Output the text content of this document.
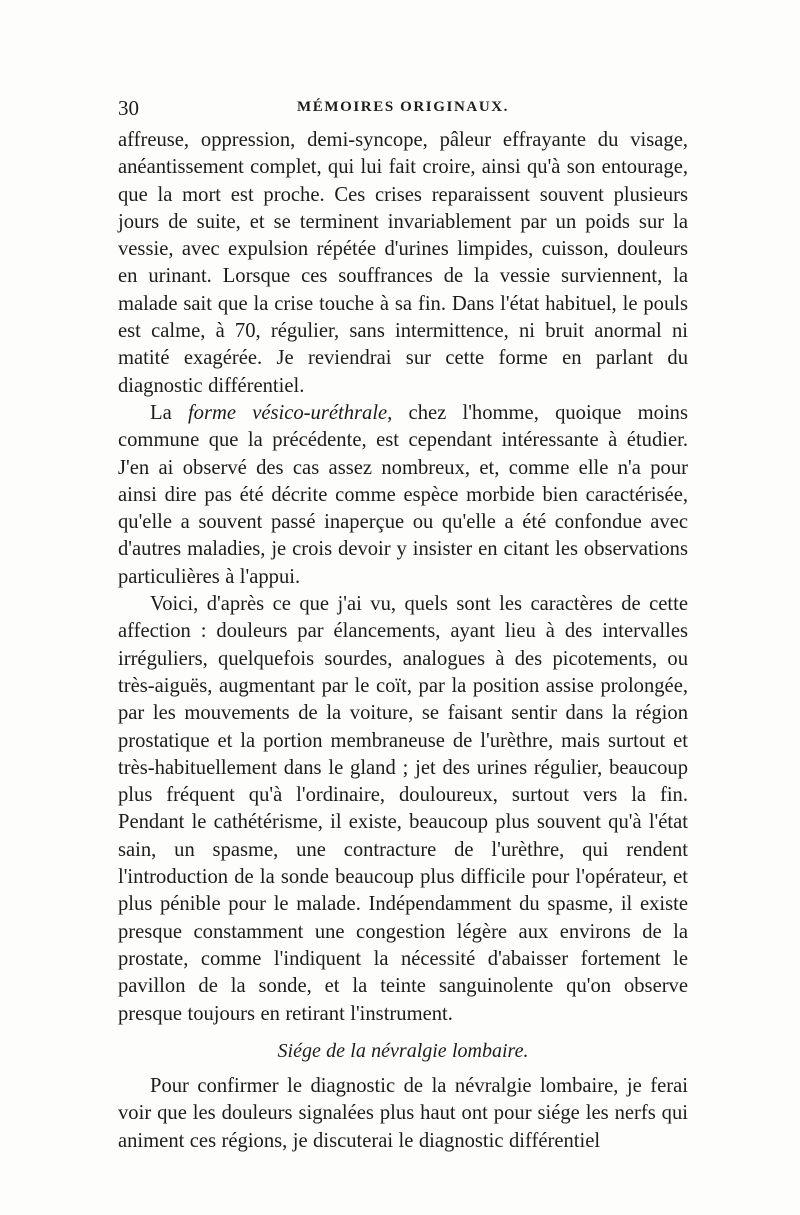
30	MÉMOIRES ORIGINAUX.

affreuse, oppression, demi-syncope, pâleur effrayante du visage, anéantissement complet, qui lui fait croire, ainsi qu'à son entourage, que la mort est proche. Ces crises reparaissent souvent plusieurs jours de suite, et se terminent invariablement par un poids sur la vessie, avec expulsion répétée d'urines limpides, cuisson, douleurs en urinant. Lorsque ces souffrances de la vessie surviennent, la malade sait que la crise touche à sa fin. Dans l'état habituel, le pouls est calme, à 70, régulier, sans intermittence, ni bruit anormal ni matité exagérée. Je reviendrai sur cette forme en parlant du diagnostic différentiel.

La forme vésico-uréthrale, chez l'homme, quoique moins commune que la précédente, est cependant intéressante à étudier. J'en ai observé des cas assez nombreux, et, comme elle n'a pour ainsi dire pas été décrite comme espèce morbide bien caractérisée, qu'elle a souvent passé inaperçue ou qu'elle a été confondue avec d'autres maladies, je crois devoir y insister en citant les observations particulières à l'appui.

Voici, d'après ce que j'ai vu, quels sont les caractères de cette affection : douleurs par élancements, ayant lieu à des intervalles irréguliers, quelquefois sourdes, analogues à des picotements, ou très-aiguës, augmentant par le coït, par la position assise prolongée, par les mouvements de la voiture, se faisant sentir dans la région prostatique et la portion membraneuse de l'urèthre, mais surtout et très-habituellement dans le gland ; jet des urines régulier, beaucoup plus fréquent qu'à l'ordinaire, douloureux, surtout vers la fin. Pendant le cathétérisme, il existe, beaucoup plus souvent qu'à l'état sain, un spasme, une contracture de l'urèthre, qui rendent l'introduction de la sonde beaucoup plus difficile pour l'opérateur, et plus pénible pour le malade. Indépendamment du spasme, il existe presque constamment une congestion légère aux environs de la prostate, comme l'indiquent la nécessité d'abaisser fortement le pavillon de la sonde, et la teinte sanguinolente qu'on observe presque toujours en retirant l'instrument.

Siége de la névralgie lombaire.

Pour confirmer le diagnostic de la névralgie lombaire, je ferai voir que les douleurs signalées plus haut ont pour siége les nerfs qui animent ces régions, je discuterai le diagnostic différentiel
